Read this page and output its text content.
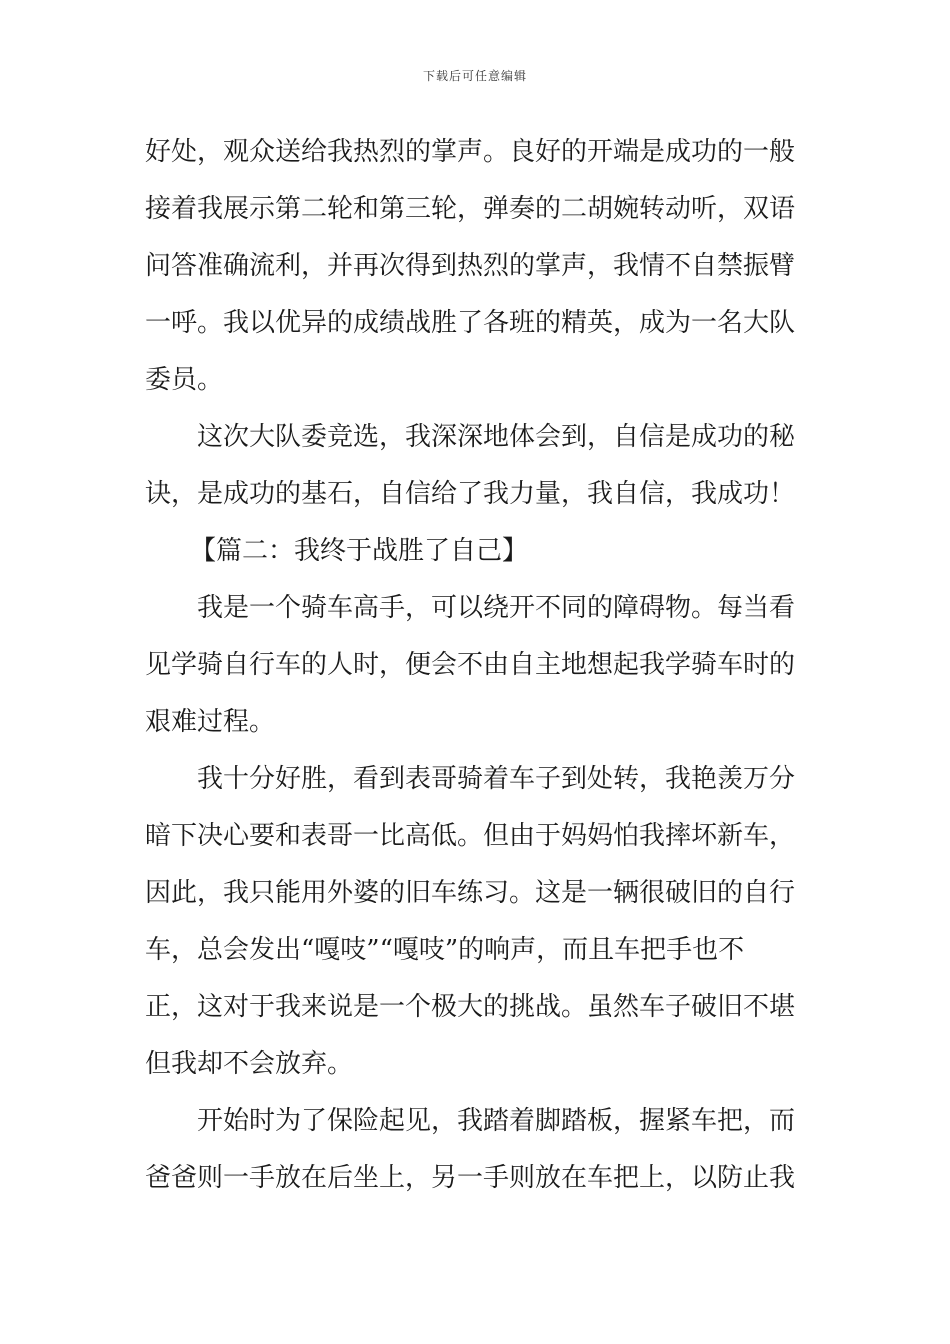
下载后可任意编辑
好处，观众送给我热烈的掌声。良好的开端是成功的一般
接着我展示第二轮和第三轮，弹奏的二胡婉转动听，双语
问答准确流利，并再次得到热烈的掌声，我情不自禁振臂
一呼。我以优异的成绩战胜了各班的精英，成为一名大队
委员。
这次大队委竞选，我深深地体会到，自信是成功的秘
诀，是成功的基石，自信给了我力量，我自信，我成功！
【篇二：我终于战胜了自己】
我是一个骑车高手，可以绕开不同的障碍物。每当看
见学骑自行车的人时，便会不由自主地想起我学骑车时的
艰难过程。
我十分好胜，看到表哥骑着车子到处转，我艳羡万分
暗下决心要和表哥一比高低。但由于妈妈怕我摔坏新车，
因此，我只能用外婆的旧车练习。这是一辆很破旧的自行
车，总会发出“嘎吱”“嘎吱”的响声，而且车把手也不
正，这对于我来说是一个极大的挑战。虽然车子破旧不堪
但我却不会放弃。
开始时为了保险起见，我踏着脚踏板，握紧车把，而
爸爸则一手放在后坐上，另一手则放在车把上，以防止我
